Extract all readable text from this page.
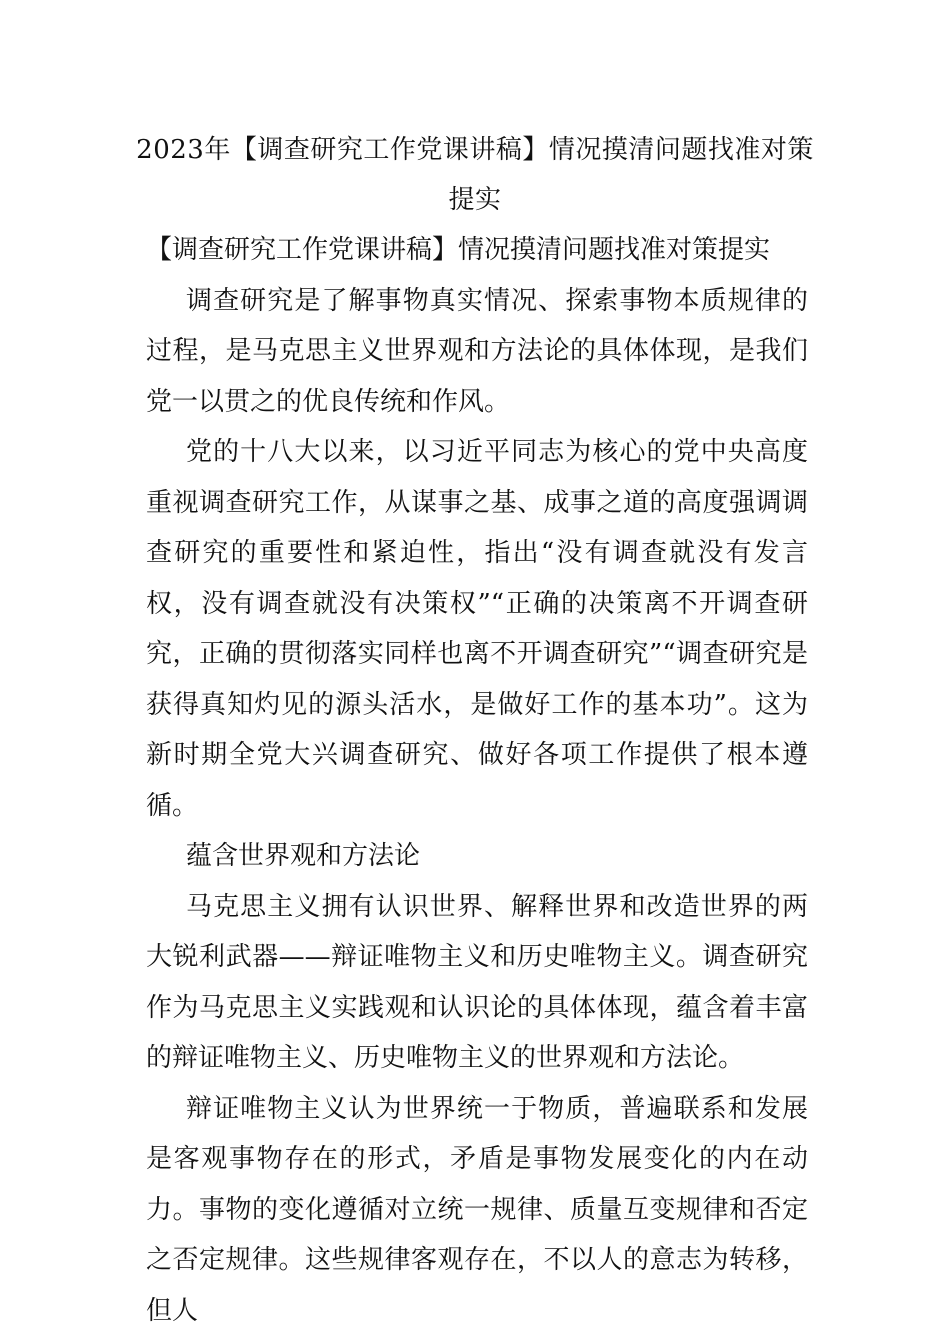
2023年【调查研究工作党课讲稿】情况摸清问题找准对策提实

【调查研究工作党课讲稿】情况摸清问题找准对策提实

调查研究是了解事物真实情况、探索事物本质规律的过程，是马克思主义世界观和方法论的具体体现，是我们党一以贯之的优良传统和作风。

党的十八大以来，以习近平同志为核心的党中央高度重视调查研究工作，从谋事之基、成事之道的高度强调调查研究的重要性和紧迫性，指出“没有调查就没有发言权，没有调查就没有决策权”“正确的决策离不开调查研究，正确的贯彻落实同样也离不开调查研究”“调查研究是获得真知灼见的源头活水，是做好工作的基本功”。这为新时期全党大兴调查研究、做好各项工作提供了根本遵循。

蕴含世界观和方法论

马克思主义拥有认识世界、解释世界和改造世界的两大锐利武器——辩证唯物主义和历史唯物主义。调查研究作为马克思主义实践观和认识论的具体体现，蕴含着丰富的辩证唯物主义、历史唯物主义的世界观和方法论。

辩证唯物主义认为世界统一于物质，普遍联系和发展是客观事物存在的形式，矛盾是事物发展变化的内在动力。事物的变化遵循对立统一规律、质量互变规律和否定之否定规律。这些规律客观存在，不以人的意志为转移，但人
